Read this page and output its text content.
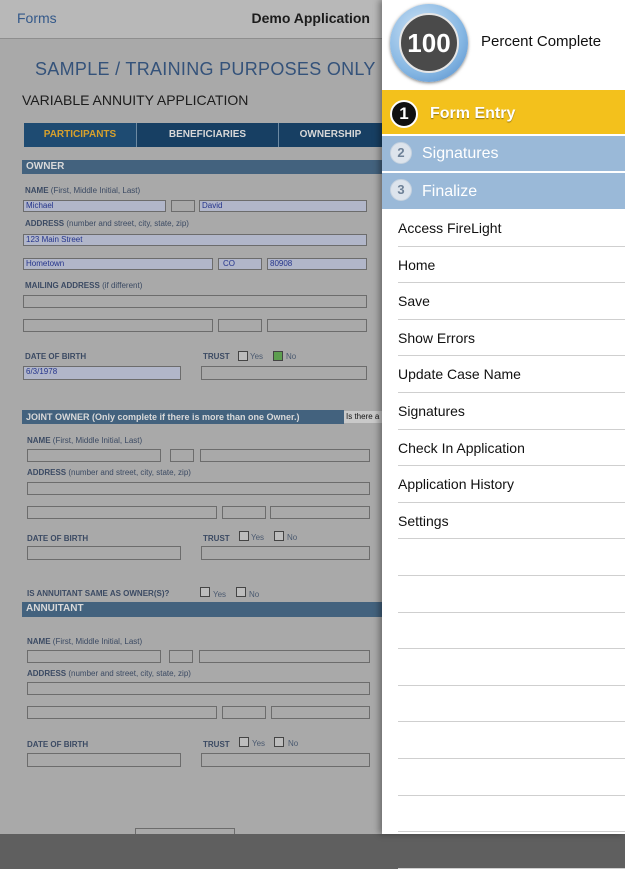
Forms	Demo Application
SAMPLE / TRAINING PURPOSES ONLY
VARIABLE ANNUITY APPLICATION
PARTICIPANTS	BENEFICIARIES	OWNERSHIP
OWNER
NAME (First, Middle Initial, Last)
Michael	David
ADDRESS (number and street, city, state, zip)
123 Main Street
Hometown	CO	80908
MAILING ADDRESS (if different)
DATE OF BIRTH
6/3/1978
TRUST	Yes	No
JOINT OWNER (Only complete if there is more than one Owner.)	Is there a
NAME (First, Middle Initial, Last)
ADDRESS (number and street, city, state, zip)
DATE OF BIRTH	TRUST	Yes	No
IS ANNUITANT SAME AS OWNER(S)?	Yes	No
ANNUITANT
NAME (First, Middle Initial, Last)
ADDRESS (number and street, city, state, zip)
DATE OF BIRTH	TRUST	Yes	No
100	Percent Complete
1	Form Entry
2	Signatures
3	Finalize
Access FireLight
Home
Save
Show Errors
Update Case Name
Signatures
Check In Application
Application History
Settings
